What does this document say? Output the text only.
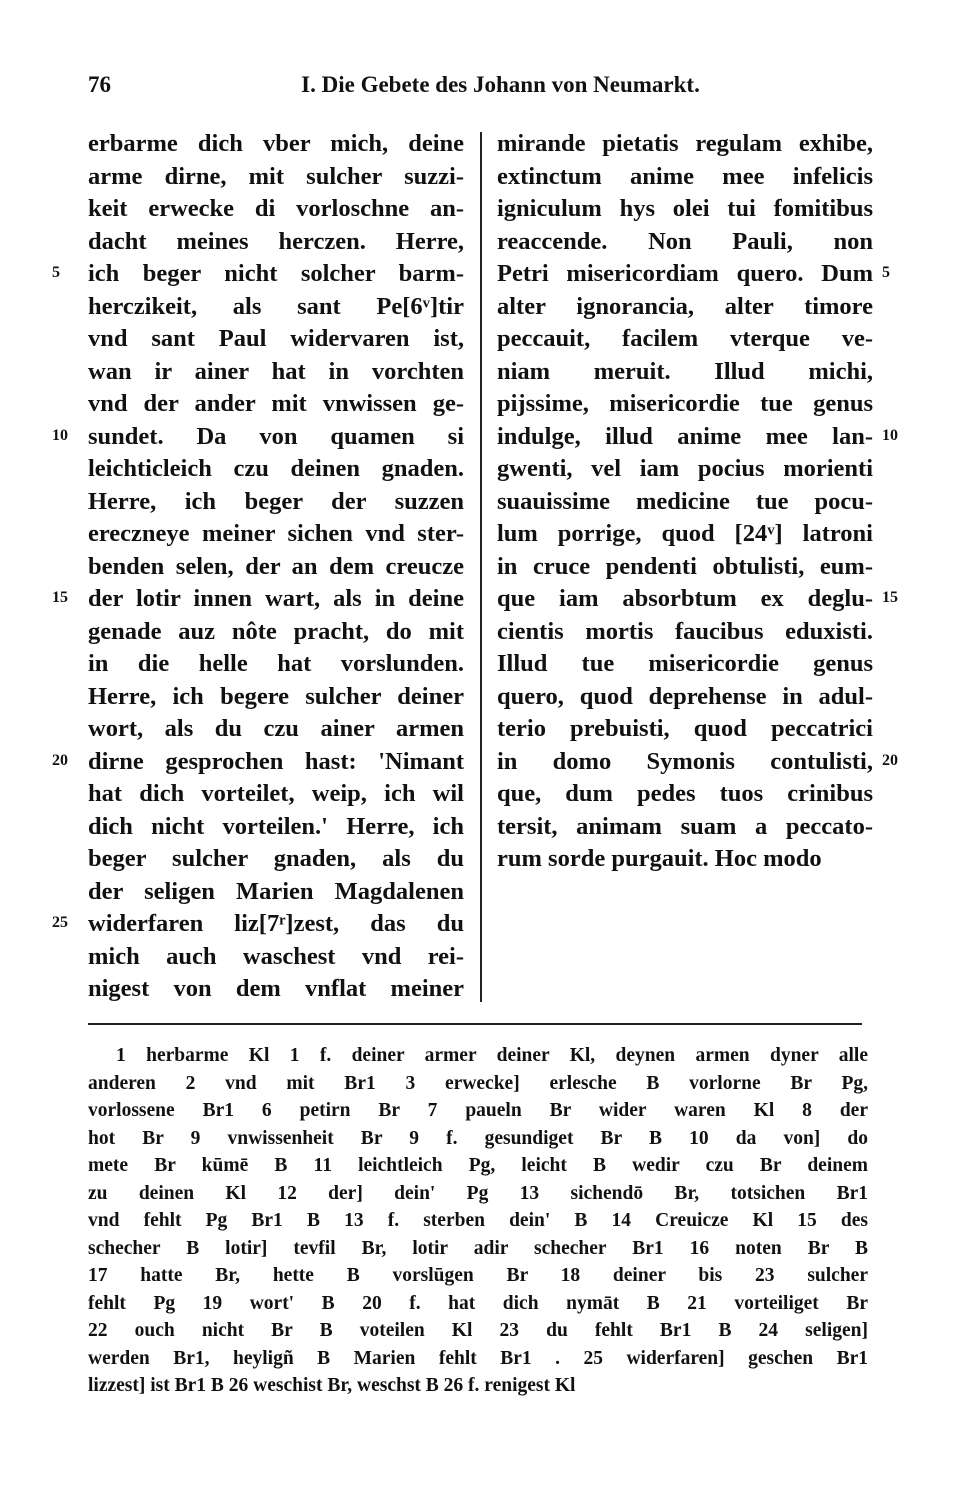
76	I. Die Gebete des Johann von Neumarkt.
erbarme dich vber mich, deine
arme dirne, mit sulcher suzzi-
keit erwecke di vorloschne an-
dacht meines herczen. Herre,
ich beger nicht solcher barm-
herczikeit, als sant Pe[6ᵛ]tir
vnd sant Paul widervaren ist,
wan ir ainer hat in vorchten
vnd der ander mit vnwissen ge-
sundet. Da von quamen si
leichticleich czu deinen gnaden.
Herre, ich beger der suzzen
ereczneye meiner sichen vnd ster-
benden selen, der an dem creucze
der lotir innen wart, als in deine
genade auz nôte pracht, do mit
in die helle hat vorslunden.
Herre, ich begere sulcher deiner
wort, als du czu ainer armen
dirne gesprochen hast: 'Nimant
hat dich vorteilet, weip, ich wil
dich nicht vorteilen.' Herre, ich
beger sulcher gnaden, als du
der seligen Marien Magdalenen
widerfaren liz[7ʳ]zest, das du
mich auch waschest vnd rei-
nigest von dem vnflat meiner
mirande pietatis regulam exhibe,
extinctum anime mee infelicis
igniculum hys olei tui fomitibus
reaccende. Non Pauli, non
Petri misericordiam quero. Dum
alter ignorancia, alter timore
peccauit, facilem vterque ve-
niam meruit. Illud michi,
pijssime, misericordie tue genus
indulge, illud anime mee lan-
gwenti, vel iam pocius morienti
suauissime medicine tue pocu-
lum porrige, quod [24ᵛ] latroni
in cruce pendenti obtulisti, eum-
que iam absorbtum ex deglu-
cientis mortis faucibus eduxisti.
Illud tue misericordie genus
quero, quod deprehense in adul-
terio prebuisti, quod peccatrici
in domo Symonis contulisti,
que, dum pedes tuos crinibus
tersit, animam suam a peccato-
rum sorde purgauit. Hoc modo
5
10
15
20
25
5
10
15
20
1 herbarme Kl 1 f. deiner armer deiner Kl, deynen armen dyner alle
anderen 2 vnd mit Br1 3 erwecke] erlesche B vorlorne Br Pg,
vorlossene Br1 6 petirn Br 7 paueln Br wider waren Kl 8 der
hot Br 9 vnwissenheit Br 9 f. gesundiget Br B 10 da von] do
mete Br kūmē B 11 leichtleich Pg, leicht B wedir czu Br deinem
zu deinen Kl 12 der] dein' Pg 13 sichendō Br, totsichen Br1
vnd fehlt Pg Br1 B 13 f. sterben dein' B 14 Creuicze Kl 15 des
schecher B lotir] tevfil Br, lotir adir schecher Br1 16 noten Br B
17 hatte Br, hette B vorslūgen Br 18 deiner bis 23 sulcher
fehlt Pg 19 wort' B 20 f. hat dich nymāt B 21 vorteiliget Br
22 ouch nicht Br B voteilen Kl 23 du fehlt Br1 B 24 seligen]
werden Br1, heyligñ B Marien fehlt Br1 . 25 widerfaren] geschen Br1
lizzest] ist Br1 B 26 weschist Br, weschst B 26 f. renigest Kl
